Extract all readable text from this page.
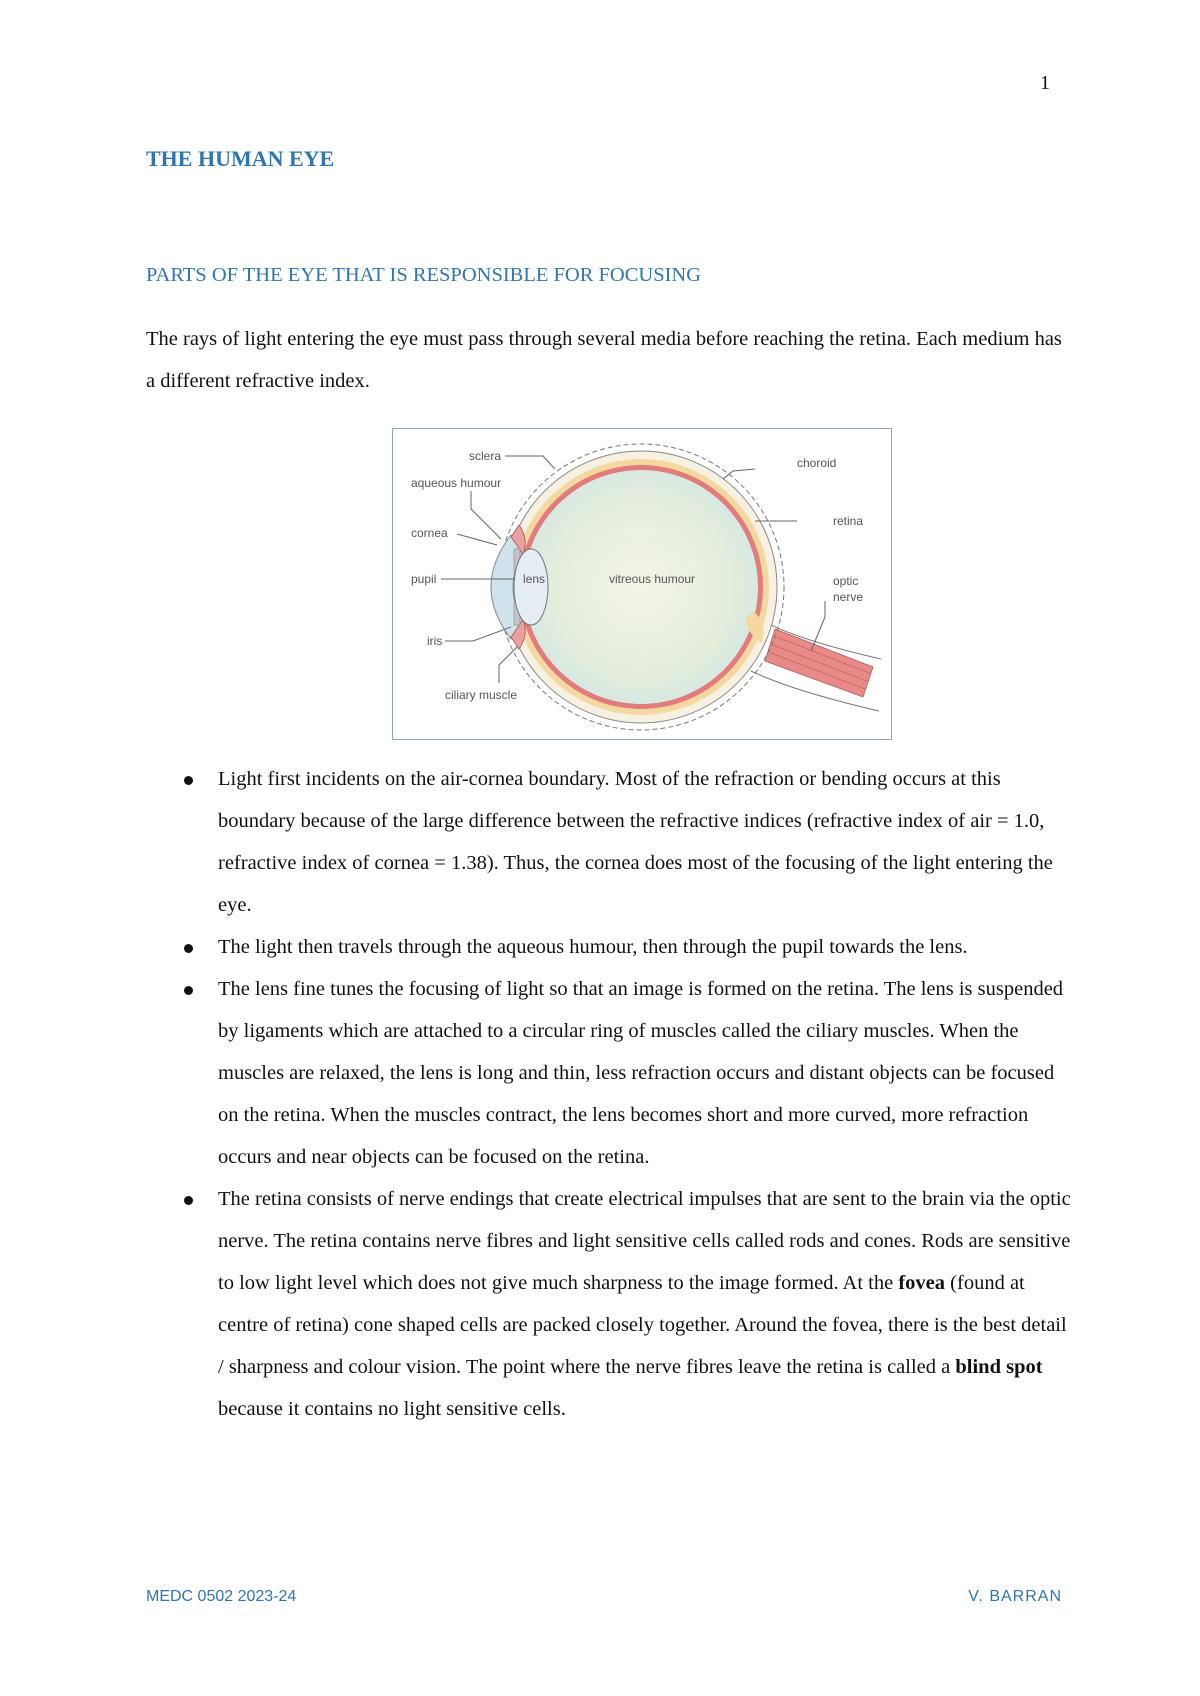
1
THE HUMAN EYE
PARTS OF THE EYE THAT IS RESPONSIBLE FOR FOCUSING

The rays of light entering the eye must pass through several media before reaching the retina. Each medium has a different refractive index.

sclera
aqueous humour
cornea
pupil
iris
ciliary muscle
lens	vitreous humour
choroid
retina
optic
nerve
Light first incidents on the air-cornea boundary. Most of the refraction or bending occurs at this boundary because of the large difference between the refractive indices (refractive index of air = 1.0, refractive index of cornea = 1.38). Thus, the cornea does most of the focusing of the light entering the eye.
The light then travels through the aqueous humour, then through the pupil towards the lens.
The lens fine tunes the focusing of light so that an image is formed on the retina. The lens is suspended by ligaments which are attached to a circular ring of muscles called the ciliary muscles. When the muscles are relaxed, the lens is long and thin, less refraction occurs and distant objects can be focused on the retina. When the muscles contract, the lens becomes short and more curved, more refraction occurs and near objects can be focused on the retina.
The retina consists of nerve endings that create electrical impulses that are sent to the brain via the optic nerve. The retina contains nerve fibres and light sensitive cells called rods and cones. Rods are sensitive to low light level which does not give much sharpness to the image formed. At the fovea (found at centre of retina) cone shaped cells are packed closely together. Around the fovea, there is the best detail / sharpness and colour vision. The point where the nerve fibres leave the retina is called a blind spot because it contains no light sensitive cells.
MEDC 0502 2023-24	V. BARRAN
